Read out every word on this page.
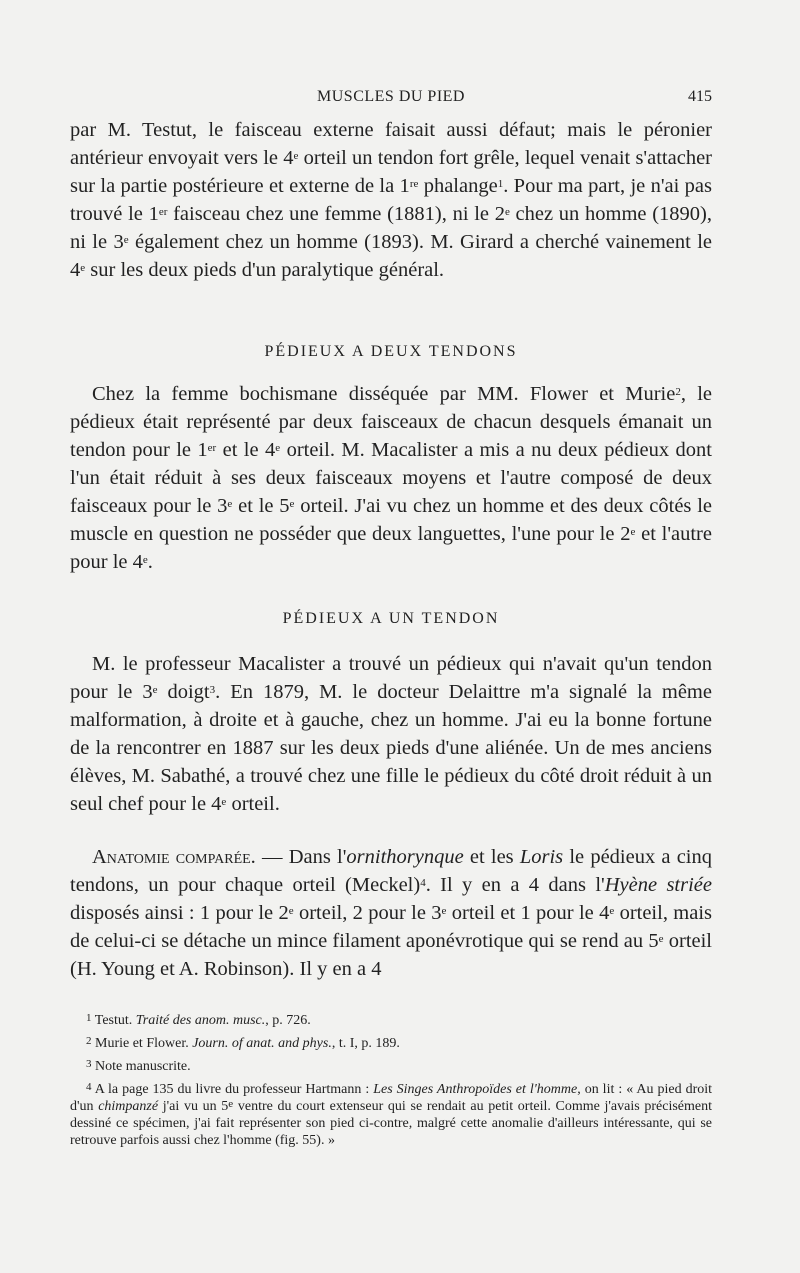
MUSCLES DU PIED	415
par M. Testut, le faisceau externe faisait aussi défaut; mais le péronier antérieur envoyait vers le 4e orteil un tendon fort grêle, lequel venait s'attacher sur la partie postérieure et externe de la 1re phalange$^1$. Pour ma part, je n'ai pas trouvé le 1er faisceau chez une femme (1881), ni le 2e chez un homme (1890), ni le 3e également chez un homme (1893). M. Girard a cherché vainement le 4e sur les deux pieds d'un paralytique général.
PÉDIEUX A DEUX TENDONS
Chez la femme bochismane disséquée par MM. Flower et Murie$^2$, le pédieux était représenté par deux faisceaux de chacun desquels émanait un tendon pour le 1er et le 4e orteil. M. Macalister a mis a nu deux pédieux dont l'un était réduit à ses deux faisceaux moyens et l'autre composé de deux faisceaux pour le 3e et le 5e orteil. J'ai vu chez un homme et des deux côtés le muscle en question ne posséder que deux languettes, l'une pour le 2e et l'autre pour le 4e.
PÉDIEUX A UN TENDON
M. le professeur Macalister a trouvé un pédieux qui n'avait qu'un tendon pour le 3e doigt$^3$. En 1879, M. le docteur Delaittre m'a signalé la même malformation, à droite et à gauche, chez un homme. J'ai eu la bonne fortune de la rencontrer en 1887 sur les deux pieds d'une aliénée. Un de mes anciens élèves, M. Sabathé, a trouvé chez une fille le pédieux du côté droit réduit à un seul chef pour le 4e orteil.
Anatomie comparée. — Dans l'ornithorynque et les Loris le pédieux a cinq tendons, un pour chaque orteil (Meckel)$^4$. Il y en a 4 dans l'Hyène striée disposés ainsi : 1 pour le 2e orteil, 2 pour le 3e orteil et 1 pour le 4e orteil, mais de celui-ci se détache un mince filament aponévrotique qui se rend au 5e orteil (H. Young et A. Robinson). Il y en a 4
$^1$ Testut. Traité des anom. musc., p. 726.
$^2$ Murie et Flower. Journ. of anat. and phys., t. I, p. 189.
$^3$ Note manuscrite.
$^4$ A la page 135 du livre du professeur Hartmann : Les Singes Anthropoïdes et l'homme, on lit : « Au pied droit d'un chimpanzé j'ai vu un 5e ventre du court extenseur qui se rendait au petit orteil. Comme j'avais précisément dessiné ce spécimen, j'ai fait représenter son pied ci-contre, malgré cette anomalie d'ailleurs intéressante, qui se retrouve parfois aussi chez l'homme (fig. 55). »
